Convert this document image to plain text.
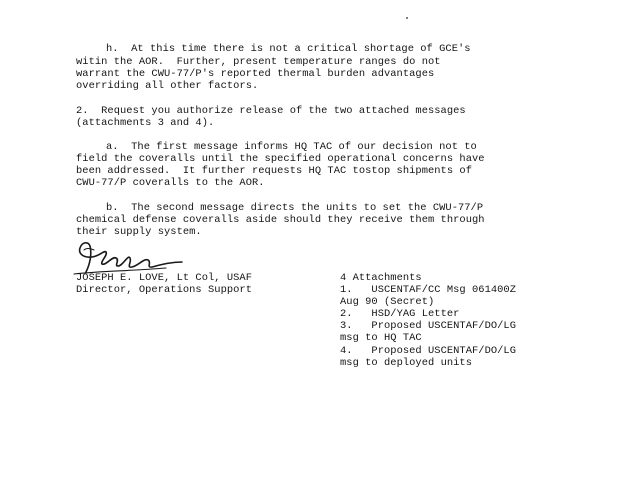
h.  At this time there is not a critical shortage of GCE's

witin the AOR.  Further, present temperature ranges do not

warrant the CWU-77/P's reported thermal burden advantages

overriding all other factors.

2.  Request you authorize release of the two attached messages

(attachments 3 and 4).

a.  The first message informs HQ TAC of our decision not to

field the coveralls until the specified operational concerns have

been addressed.  It further requests HQ TAC tostop shipments of

CWU-77/P coveralls to the AOR.

b.  The second message directs the units to set the CWU-77/P

chemical defense coveralls aside should they receive them through

their supply system.

JOSEPH E. LOVE, Lt Col, USAF

Director, Operations Support

4 Attachments

1.   USCENTAF/CC Msg 061400Z

Aug 90 (Secret)

2.   HSD/YAG Letter

3.   Proposed USCENTAF/DO/LG

msg to HQ TAC

4.   Proposed USCENTAF/DO/LG

msg to deployed units
